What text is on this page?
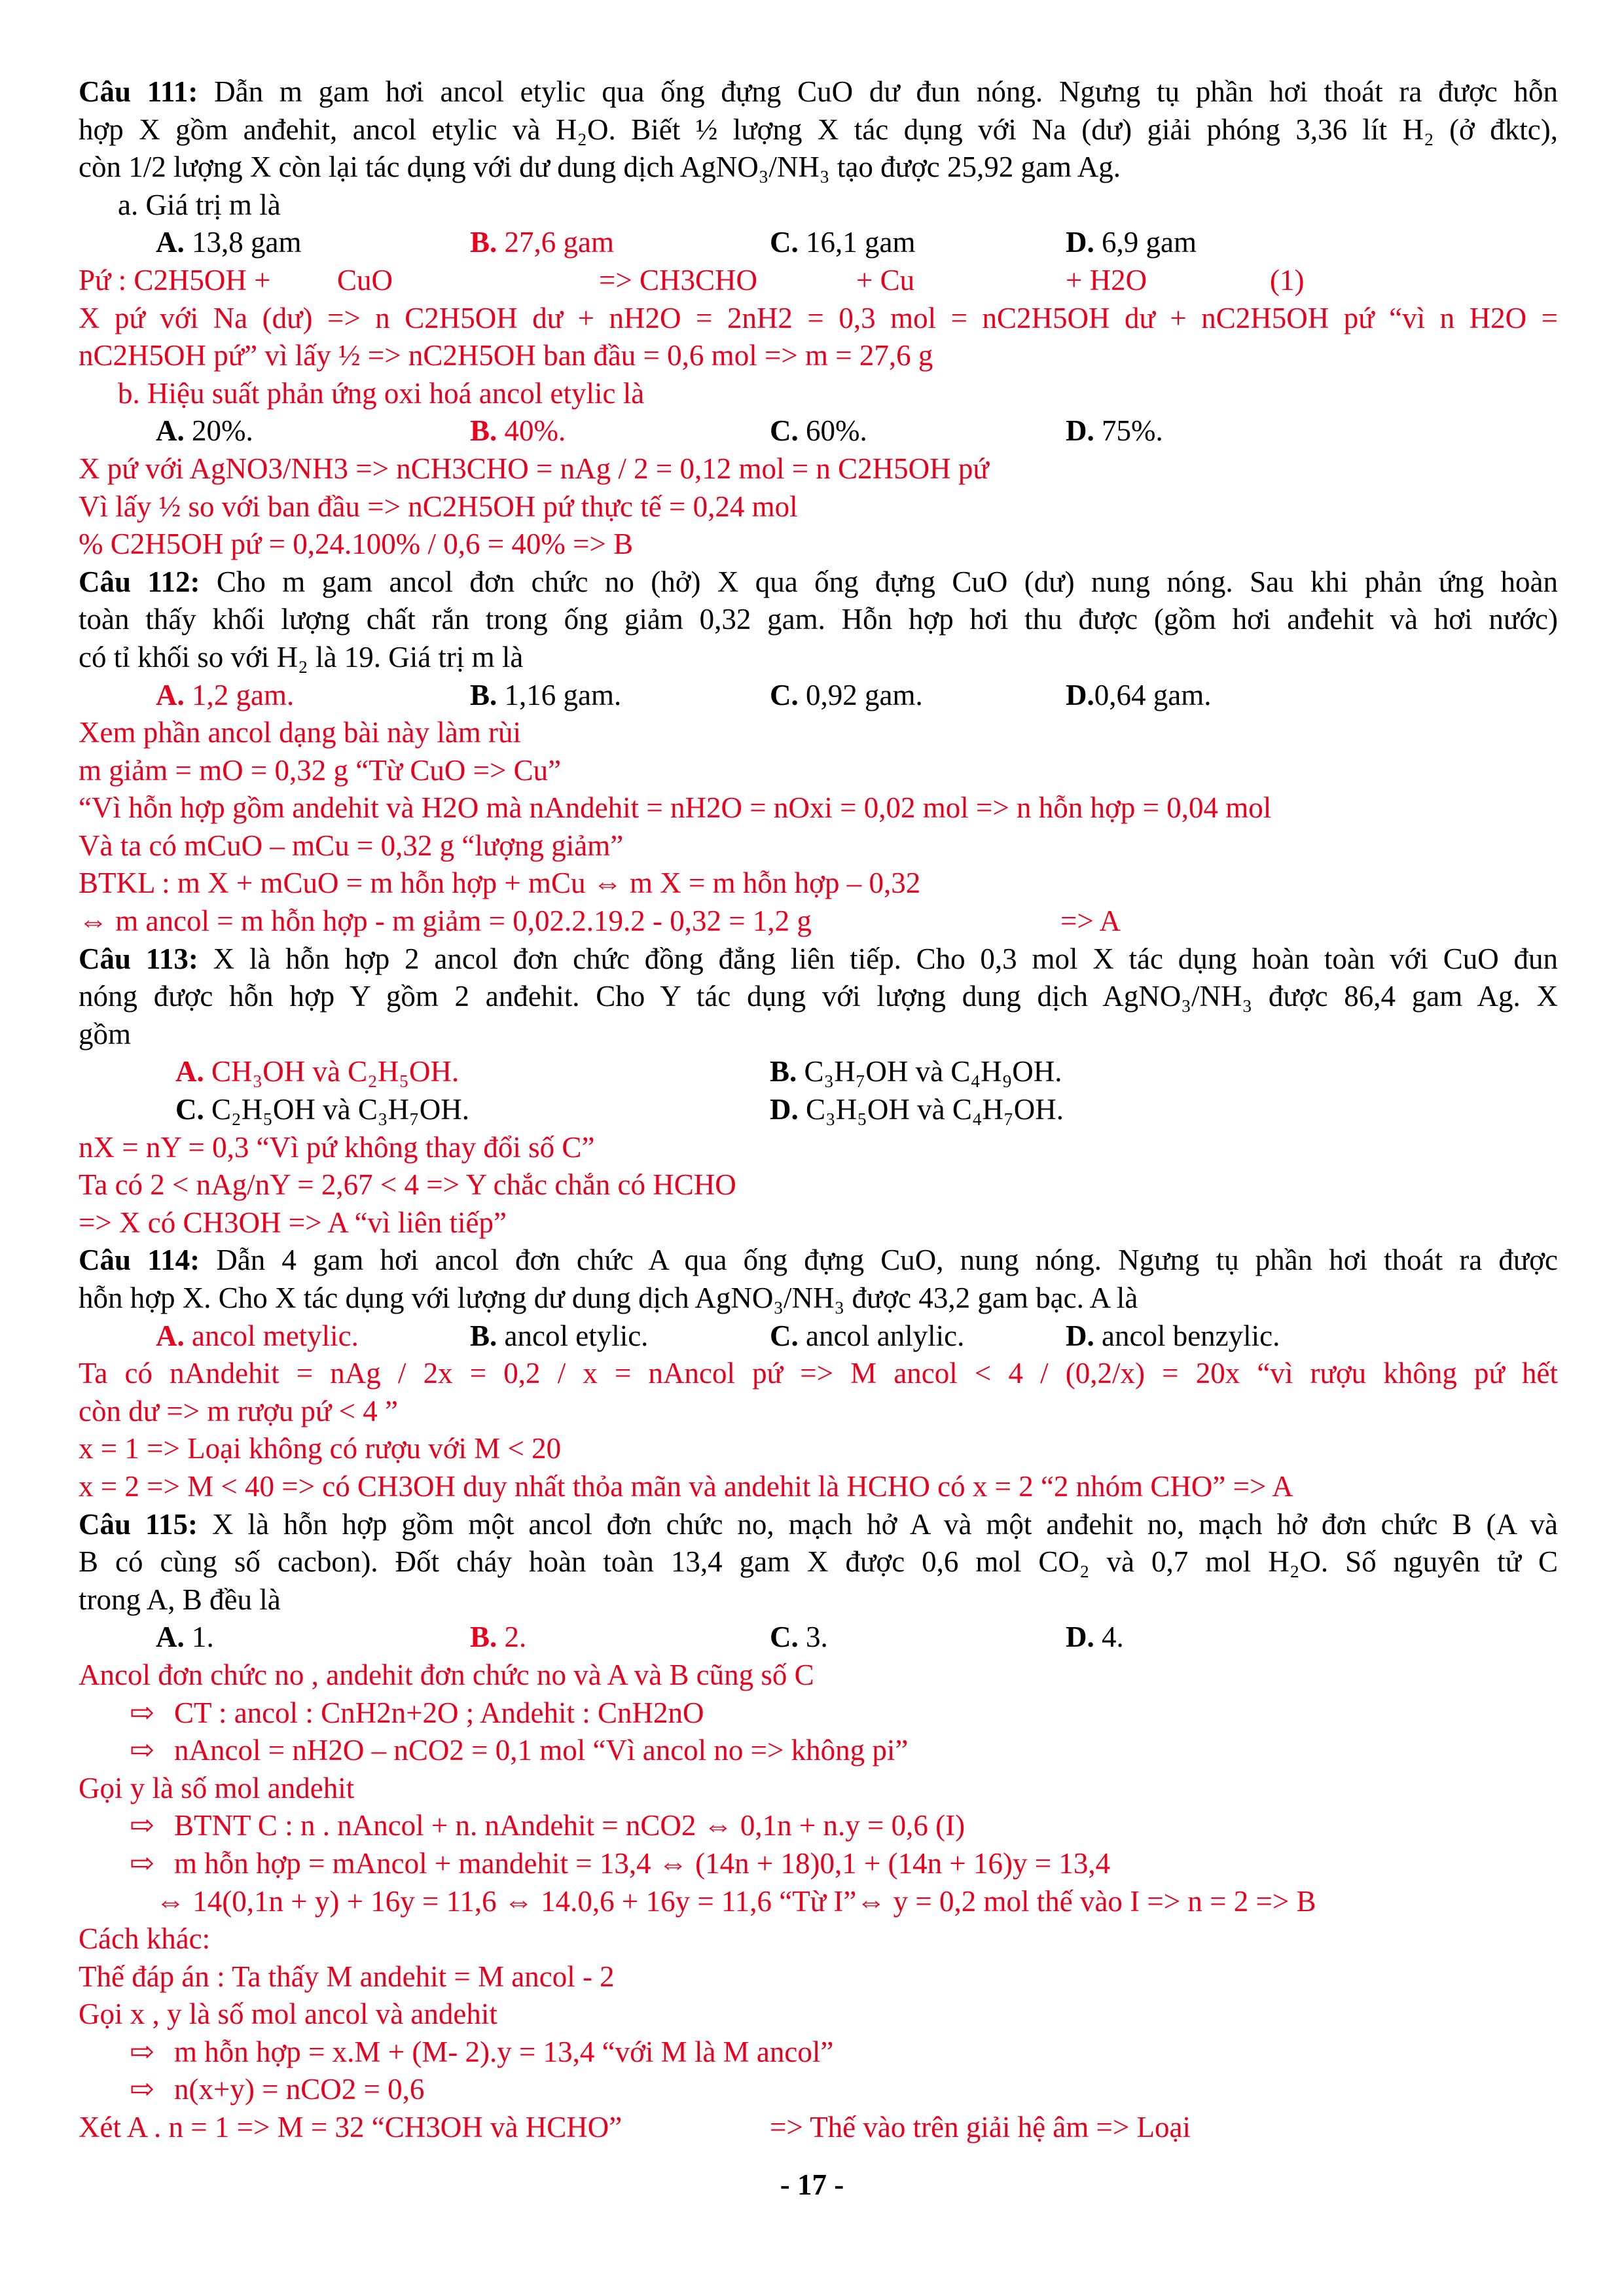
Câu 111: Dẫn m gam hơi ancol etylic qua ống đựng CuO dư đun nóng. Ngưng tụ phần hơi thoát ra được hỗn
hợp X gồm anđehit, ancol etylic và H₂O. Biết ½ lượng X tác dụng với Na (dư) giải phóng 3,36 lít H₂ (ở đktc),
còn 1/2 lượng X còn lại tác dụng với dư dung dịch AgNO₃/NH₃ tạo được 25,92 gam Ag.
a. Giá trị m là
A. 13,8 gam	B. 27,6 gam	C. 16,1 gam	D. 6,9 gam
Pứ : C2H5OH + CuO	=> CH3CHO	+ Cu	+ H2O	(1)
X pứ với Na (dư) => n C2H5OH dư + nH2O = 2nH2 = 0,3 mol = nC2H5OH dư + nC2H5OH pứ “vì n H2O =
nC2H5OH pứ” vì lấy ½ => nC2H5OH ban đầu = 0,6 mol => m = 27,6 g
b. Hiệu suất phản ứng oxi hoá ancol etylic là
A. 20%.	B. 40%.	C. 60%.	D. 75%.
X pứ với AgNO3/NH3 => nCH3CHO = nAg / 2 = 0,12 mol = n C2H5OH pứ
Vì lấy ½ so với ban đầu => nC2H5OH pứ thực tế = 0,24 mol
% C2H5OH pứ = 0,24.100% / 0,6 = 40% => B
Câu 112: Cho m gam ancol đơn chức no (hở) X qua ống đựng CuO (dư) nung nóng. Sau khi phản ứng hoàn
toàn thấy khối lượng chất rắn trong ống giảm 0,32 gam. Hỗn hợp hơi thu được (gồm hơi anđehit và hơi nước)
có tỉ khối so với H₂ là 19. Giá trị m là
A. 1,2 gam.	B. 1,16 gam.	C. 0,92 gam.	D.0,64 gam.
Xem phần ancol dạng bài này làm rùi
m giảm = mO = 0,32 g “Từ CuO => Cu”
“Vì hỗn hợp gồm andehit và H2O mà nAndehit = nH2O = nOxi = 0,02 mol => n hỗn hợp = 0,04 mol
Và ta có mCuO – mCu = 0,32 g “lượng giảm”
BTKL : m X + mCuO = m hỗn hợp + mCu ⇔ m X = m hỗn hợp – 0,32
⇔ m ancol = m hỗn hợp - m giảm = 0,02.2.19.2 - 0,32 = 1,2 g	=> A
Câu 113: X là hỗn hợp 2 ancol đơn chức đồng đẳng liên tiếp. Cho 0,3 mol X tác dụng hoàn toàn với CuO đun
nóng được hỗn hợp Y gồm 2 anđehit. Cho Y tác dụng với lượng dung dịch AgNO₃/NH₃ được 86,4 gam Ag. X
gồm
A. CH₃OH và C₂H₅OH.	B. C₃H₇OH và C₄H₉OH.
C. C₂H₅OH và C₃H₇OH.	D. C₃H₅OH và C₄H₇OH.
nX = nY = 0,3 “Vì pứ không thay đổi số C”
Ta có 2 < nAg/nY = 2,67 < 4 => Y chắc chắn có HCHO
=> X có CH3OH => A “vì liên tiếp”
Câu 114: Dẫn 4 gam hơi ancol đơn chức A qua ống đựng CuO, nung nóng. Ngưng tụ phần hơi thoát ra được
hỗn hợp X. Cho X tác dụng với lượng dư dung dịch AgNO₃/NH₃ được 43,2 gam bạc. A là
A. ancol metylic.	B. ancol etylic.	C. ancol anlylic.	D. ancol benzylic.
Ta có nAndehit = nAg / 2x = 0,2 / x = nAncol pứ => M ancol < 4 / (0,2/x) = 20x “vì rượu không pứ hết
còn dư => m rượu pứ < 4 ”
x = 1 => Loại không có rượu với M < 20
x = 2 => M < 40 => có CH3OH duy nhất thỏa mãn và andehit là HCHO có x = 2 “2 nhóm CHO” => A
Câu 115: X là hỗn hợp gồm một ancol đơn chức no, mạch hở A và một anđehit no, mạch hở đơn chức B (A và
B có cùng số cacbon). Đốt cháy hoàn toàn 13,4 gam X được 0,6 mol CO₂ và 0,7 mol H₂O. Số nguyên tử C
trong A, B đều là
A. 1.	B. 2.	C. 3.	D. 4.
Ancol đơn chức no , andehit đơn chức no và A và B cũng số C
⇨ CT : ancol : CnH2n+2O ; Andehit : CnH2nO
⇨ nAncol = nH2O – nCO2 = 0,1 mol “Vì ancol no => không pi”
Gọi y là số mol andehit
⇨ BTNT C : n . nAncol + n. nAndehit = nCO2 ⇔ 0,1n + n.y = 0,6 (I)
⇨ m hỗn hợp = mAncol + mandehit = 13,4 ⇔ (14n + 18)0,1 + (14n + 16)y = 13,4
⇔ 14(0,1n + y) + 16y = 11,6 ⇔ 14.0,6 + 16y = 11,6 “Từ I”⇔ y = 0,2 mol thế vào I => n = 2 => B
Cách khác:
Thế đáp án : Ta thấy M andehit = M ancol - 2
Gọi x , y là số mol ancol và andehit
⇨ m hỗn hợp = x.M + (M- 2).y = 13,4 “với M là M ancol”
⇨ n(x+y) = nCO2 = 0,6
Xét A . n = 1 => M = 32 “CH3OH và HCHO”	=> Thế vào trên giải hệ âm => Loại
- 17 -
